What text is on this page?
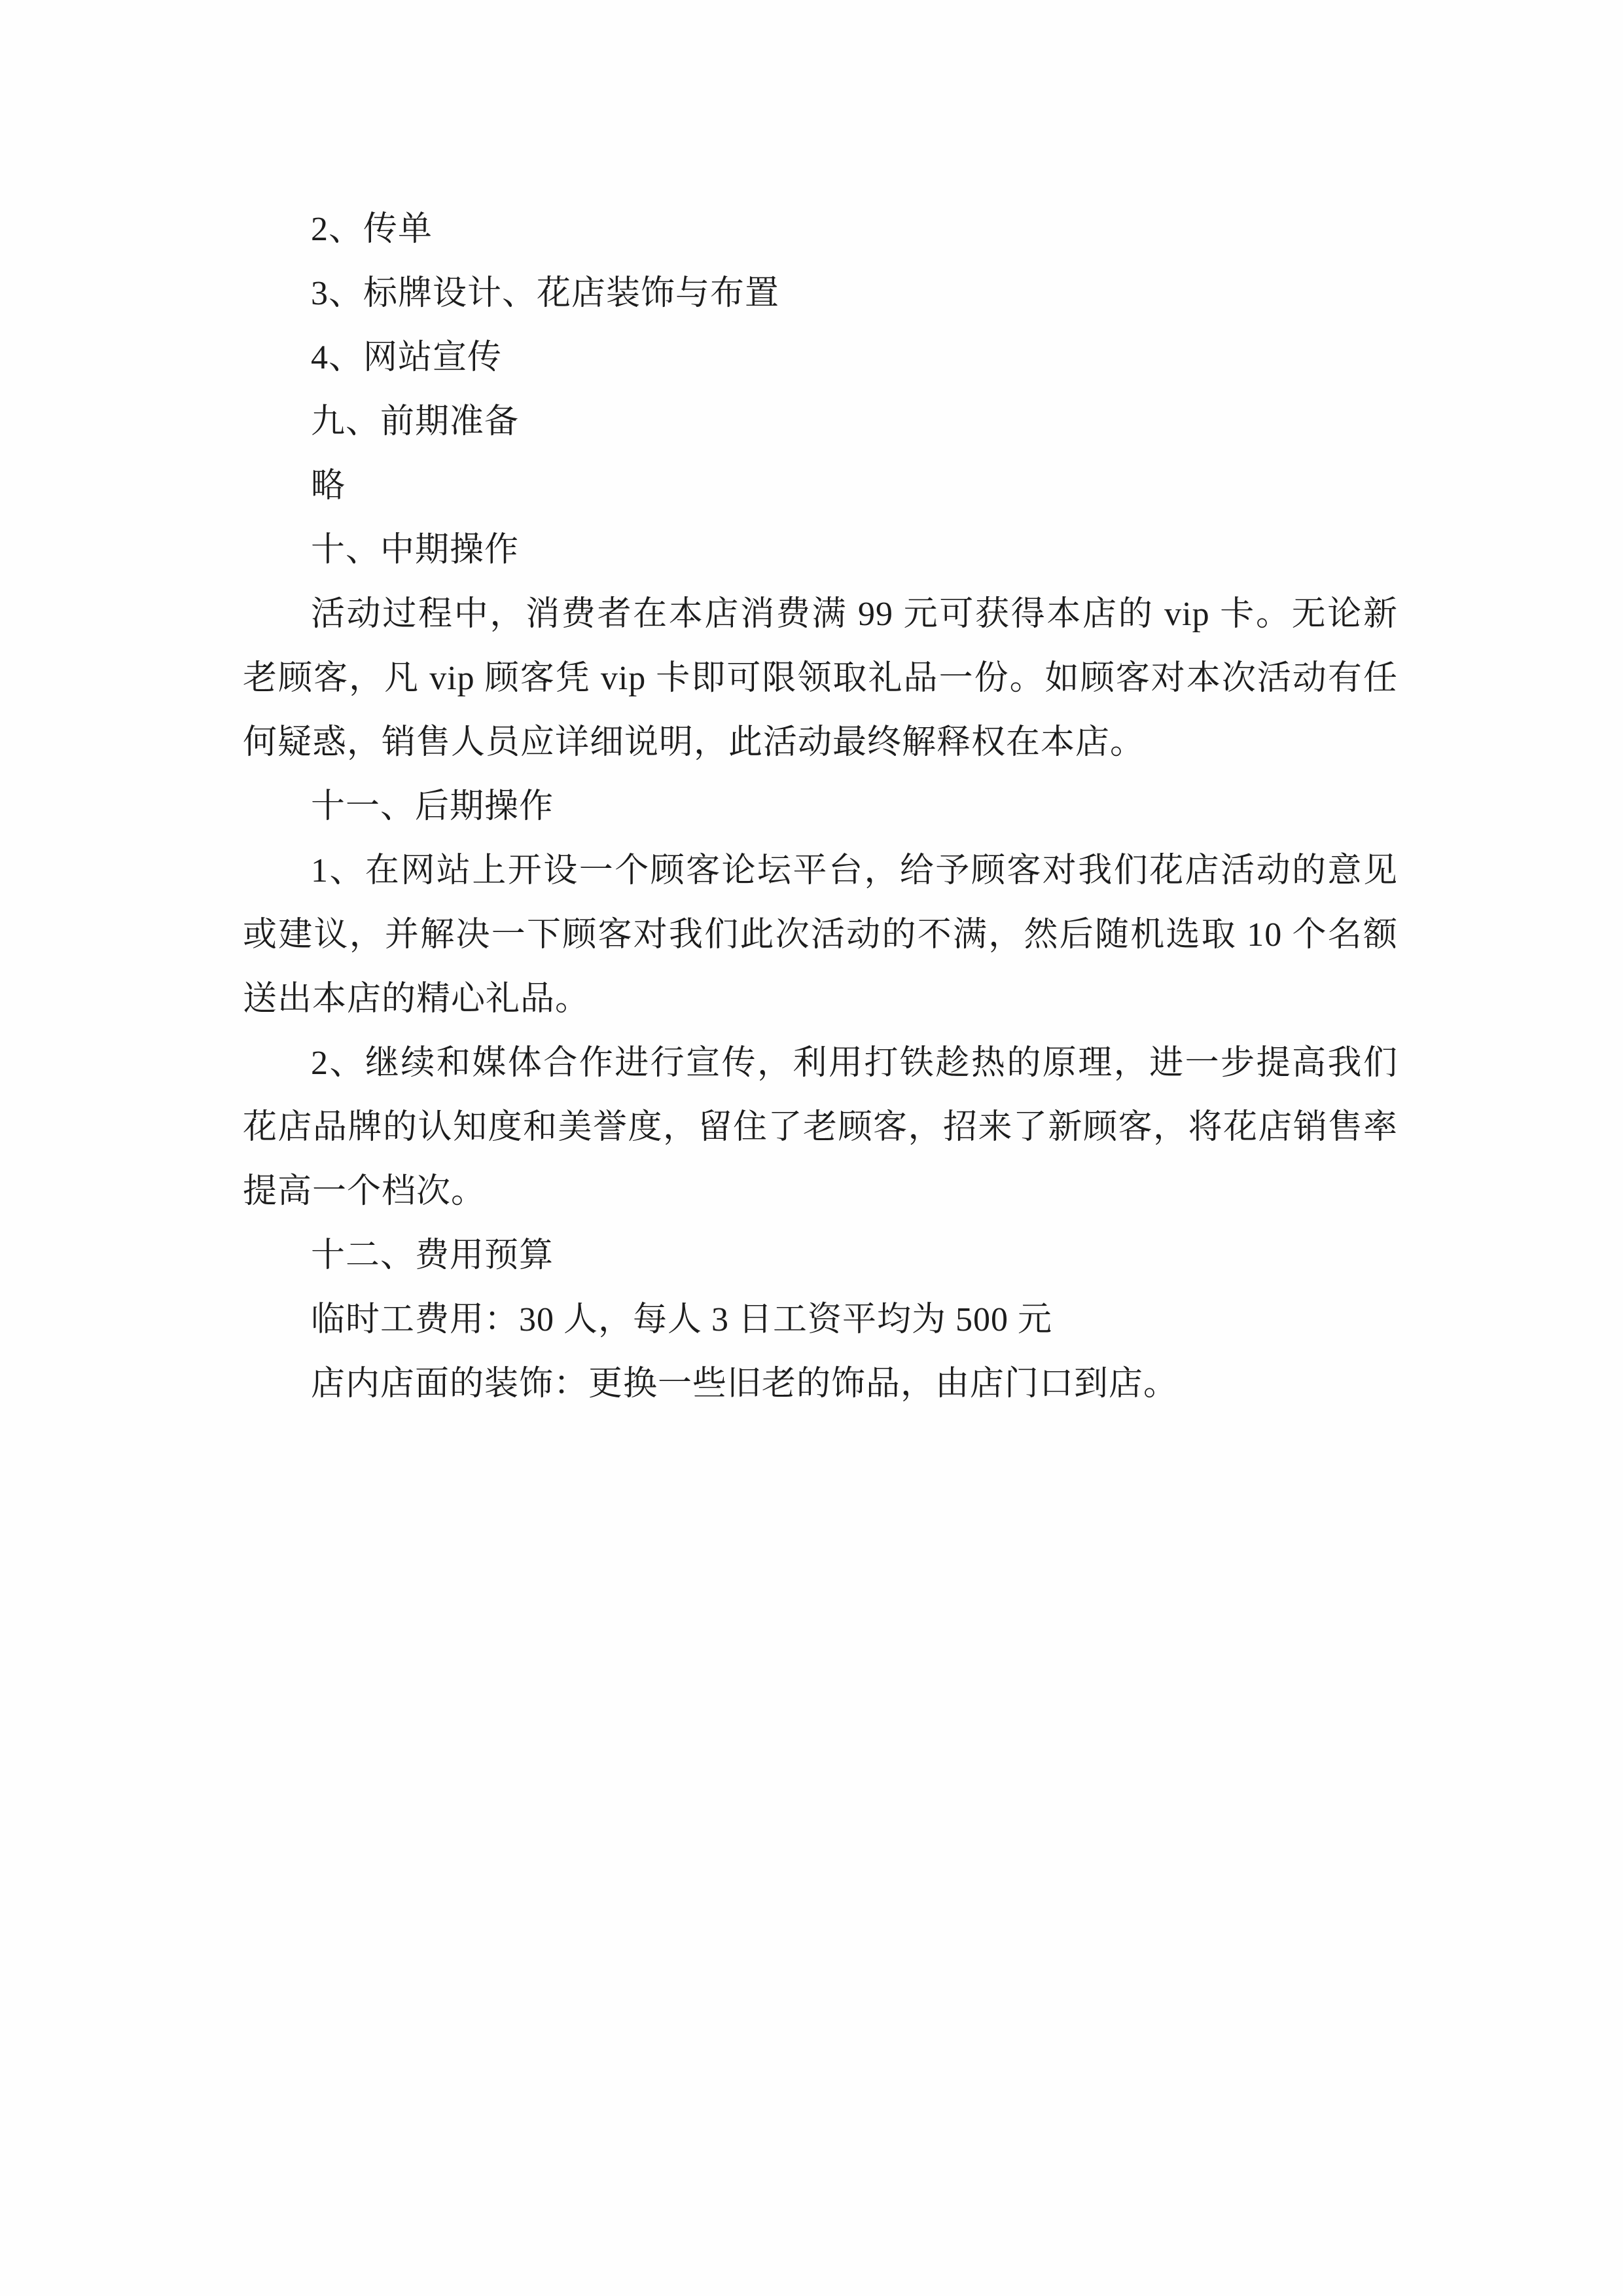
2、传单

3、标牌设计、花店装饰与布置

4、网站宣传

九、前期准备

略

十、中期操作

活动过程中，消费者在本店消费满 99 元可获得本店的 vip 卡。无论新老顾客，凡 vip 顾客凭 vip 卡即可限领取礼品一份。如顾客对本次活动有任何疑惑，销售人员应详细说明，此活动最终解释权在本店。

十一、后期操作

1、在网站上开设一个顾客论坛平台，给予顾客对我们花店活动的意见或建议，并解决一下顾客对我们此次活动的不满，然后随机选取 10 个名额送出本店的精心礼品。

2、继续和媒体合作进行宣传，利用打铁趁热的原理，进一步提高我们花店品牌的认知度和美誉度，留住了老顾客，招来了新顾客，将花店销售率提高一个档次。

十二、费用预算

临时工费用：30 人，每人 3 日工资平均为 500 元

店内店面的装饰：更换一些旧老的饰品，由店门口到店。
